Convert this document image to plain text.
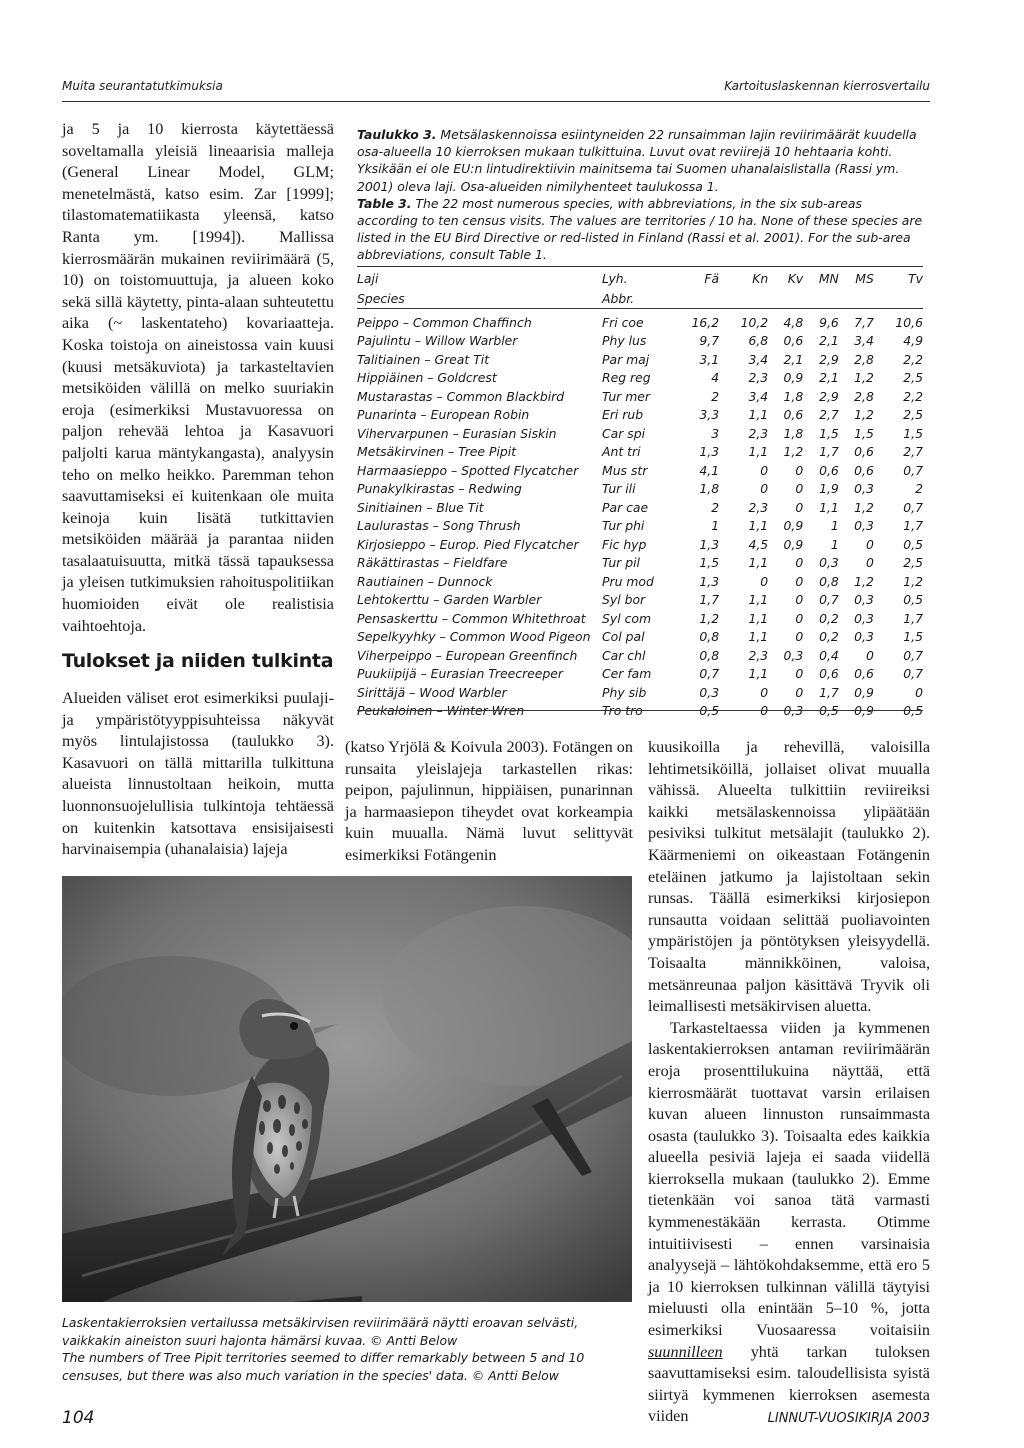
Muita seurantatutkimuksia	Kartoituslaskennan kierrosvertailu

ja 5 ja 10 kierrosta käytettäessä soveltamalla yleisiä lineaarisia malleja (General Linear Model, GLM; menetelmästä, katso esim. Zar [1999]; tilastomatematiikasta yleensä, katso Ranta ym. [1994]). Mallissa kierrosmäärän mukainen reviirimäärä (5, 10) on toistomuuttuja, ja alueen koko sekä sillä käytetty, pinta-alaan suhteutettu aika (~ laskentateho) kovariaatteja. Koska toistoja on aineistossa vain kuusi (kuusi metsäkuviota) ja tarkasteltavien metsiköiden välillä on melko suuriakin eroja (esimerkiksi Mustavuoressa on paljon rehevää lehtoa ja Kasavuori paljolti karua mäntykangasta), analyysin teho on melko heikko. Paremman tehon saavuttamiseksi ei kuitenkaan ole muita keinoja kuin lisätä tutkittavien metsiköiden määrää ja parantaa niiden tasalaatuisuutta, mitkä tässä tapauksessa ja yleisen tutkimuksien rahoituspolitiikan huomioiden eivät ole realistisia vaihtoehtoja.

Tulokset ja niiden tulkinta

Alueiden väliset erot esimerkiksi puulaji- ja ympäristötyyppisuhteissa näkyvät myös lintulajistossa (taulukko 3). Kasavuori on tällä mittarilla tulkittuna alueista linnustoltaan heikoin, mutta luonnonsuojelullisia tulkintoja tehtäessä on kuitenkin katsottava ensisijaisesti harvinaisempia (uhanalaisia) lajeja

Taulukko 3. Metsälaskennoissa esiintyneiden 22 runsaimman lajin reviirimäärät kuudella osa-alueella 10 kierroksen mukaan tulkittuina. Luvut ovat reviirejä 10 hehtaaria kohti. Yksikään ei ole EU:n lintudirektiivin mainitsema tai Suomen uhanalaislistalla (Rassi ym. 2001) oleva laji. Osa-alueiden nimilyhenteet taulukossa 1.

Table 3. The 22 most numerous species, with abbreviations, in the six sub-areas according to ten census visits. The values are territories / 10 ha. None of these species are listed in the EU Bird Directive or red-listed in Finland (Rassi et al. 2001). For the sub-area abbreviations, consult Table 1.

Laji	Lyh.	Fä	Kn	Kv	MN	MS	Tv
Species	Abbr.						

Peippo – Common Chaffinch	Fri coe	16,2	10,2	4,8	9,6	7,7	10,6
Pajulintu – Willow Warbler	Phy lus	9,7	6,8	0,6	2,1	3,4	4,9
Talitiainen – Great Tit	Par maj	3,1	3,4	2,1	2,9	2,8	2,2
Hippiäinen – Goldcrest	Reg reg	4	2,3	0,9	2,1	1,2	2,5
Mustarastas – Common Blackbird	Tur mer	2	3,4	1,8	2,9	2,8	2,2
Punarinta – European Robin	Eri rub	3,3	1,1	0,6	2,7	1,2	2,5
Vihervarpunen – Eurasian Siskin	Car spi	3	2,3	1,8	1,5	1,5	1,5
Metsäkirvinen – Tree Pipit	Ant tri	1,3	1,1	1,2	1,7	0,6	2,7
Harmaasieppo – Spotted Flycatcher	Mus str	4,1	0	0	0,6	0,6	0,7
Punakylkirastas – Redwing	Tur ili	1,8	0	0	1,9	0,3	2
Sinitiainen – Blue Tit	Par cae	2	2,3	0	1,1	1,2	0,7
Laulurastas – Song Thrush	Tur phi	1	1,1	0,9	1	0,3	1,7
Kirjosieppo – Europ. Pied Flycatcher	Fic hyp	1,3	4,5	0,9	1	0	0,5
Räkättirastas – Fieldfare	Tur pil	1,5	1,1	0	0,3	0	2,5
Rautiainen – Dunnock	Pru mod	1,3	0	0	0,8	1,2	1,2
Lehtokerttu – Garden Warbler	Syl bor	1,7	1,1	0	0,7	0,3	0,5
Pensaskerttu – Common Whitethroat	Syl com	1,2	1,1	0	0,2	0,3	1,7
Sepelkyyhky – Common Wood Pigeon	Col pal	0,8	1,1	0	0,2	0,3	1,5
Viherpeippo – European Greenfinch	Car chl	0,8	2,3	0,3	0,4	0	0,7
Puukiipijä – Eurasian Treecreeper	Cer fam	0,7	1,1	0	0,6	0,6	0,7
Sirittäjä – Wood Warbler	Phy sib	0,3	0	0	1,7	0,9	0
Peukaloinen – Winter Wren	Tro tro	0,5	0	0,3	0,5	0,9	0,5
(katso Yrjölä & Koivula 2003). Fotängen on runsaita yleislajeja tarkastellen rikas: peipon, pajulinnun, hippiäisen, punarinnan ja harmaasiepon tiheydet ovat korkeampia kuin muualla. Nämä luvut selittyvät esimerkiksi Fotängenin

kuusikoilla ja rehevillä, valoisilla lehtimetsiköillä, jollaiset olivat muualla vähissä. Alueelta tulkittiin reviireiksi kaikki metsälaskennoissa ylipäätään pesiviksi tulkitut metsälajit (taulukko 2). Käärmeniemi on oikeastaan Fotängenin eteläinen jatkumo ja lajistoltaan sekin runsas. Täällä esimerkiksi kirjosiepon runsautta voidaan selittää puoliavointen ympäristöjen ja pöntötyksen yleisyydellä. Toisaalta männikköinen, valoisa, metsänreunaa paljon käsittävä Tryvik oli leimallisesti metsäkirvisen aluetta.

Tarkasteltaessa viiden ja kymmenen laskentakierroksen antaman reviirimäärän eroja prosenttilukuina näyttää, että kierrosmäärät tuottavat varsin erilaisen kuvan alueen linnuston runsaimmasta osasta (taulukko 3). Toisaalta edes kaikkia alueella pesiviä lajeja ei saada viidellä kierroksella mukaan (taulukko 2). Emme tietenkään voi sanoa tätä varmasti kymmenestäkään kerrasta. Otimme intuitiivisesti – ennen varsinaisia analyysejä – lähtökohdaksemme, että ero 5 ja 10 kierroksen tulkinnan välillä täytyisi mieluusti olla enintään 5–10 %, jotta esimerkiksi Vuosaaressa voitaisiin suunnilleen yhtä tarkan tuloksen saavuttamiseksi esim. taloudellisista syistä siirtyä kymmenen kierroksen asemesta viiden

Laskentakierroksien vertailussa metsäkirvisen reviirimäärä näytti eroavan selvästi, vaikkakin aineiston suuri hajonta hämärsi kuvaa. © Antti Below

The numbers of Tree Pipit territories seemed to differ remarkably between 5 and 10 censuses, but there was also much variation in the species' data. © Antti Below

104	LINNUT-VUOSIKIRJA 2003
